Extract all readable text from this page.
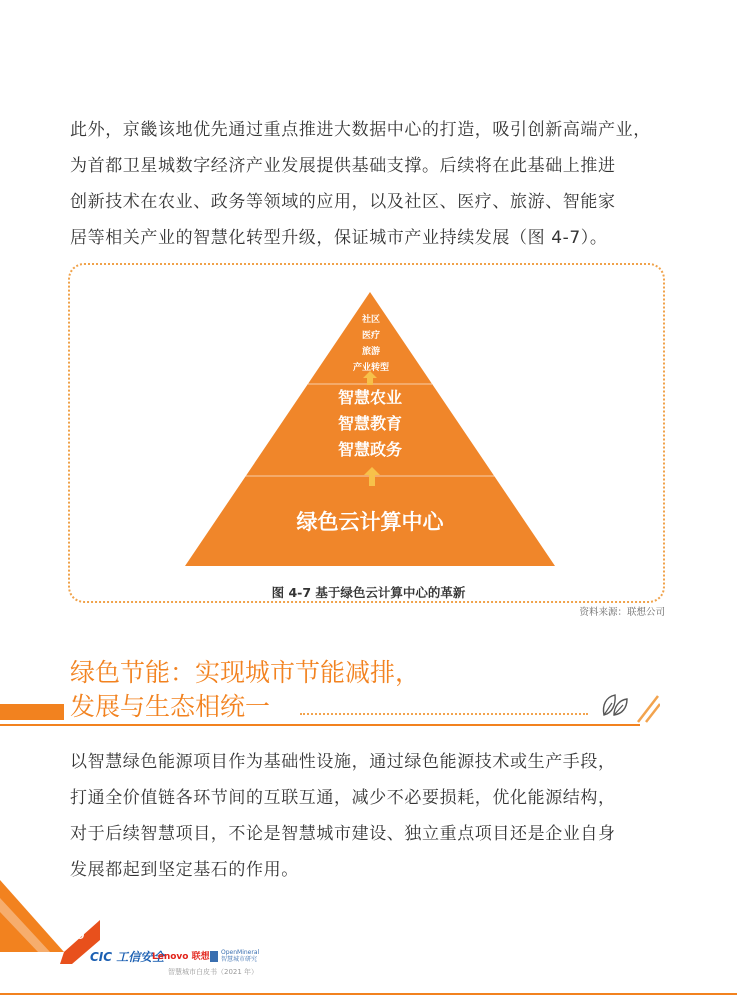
此外，京畿该地优先通过重点推进大数据中心的打造，吸引创新高端产业，
为首都卫星城数字经济产业发展提供基础支撑。后续将在此基础上推进
创新技术在农业、政务等领域的应用，以及社区、医疗、旅游、智能家
居等相关产业的智慧化转型升级，保证城市产业持续发展（图 4-7）。

社区
医疗
旅游
产业转型
智慧农业
智慧教育
智慧政务
绿色云计算中心
图 4-7 基于绿色云计算中心的革新
资料来源：联想公司
绿色节能：实现城市节能减排，
发展与生态相统一

以智慧绿色能源项目作为基础性设施，通过绿色能源技术或生产手段，
打通全价值链各环节间的互联互通，减少不必要损耗，优化能源结构，
对于后续智慧项目，不论是智慧城市建设、独立重点项目还是企业自身
发展都起到坚定基石的作用。

40
CIC 工信安全
Lenovo 联想 OpenMineral
智慧城市研究
智慧城市白皮书（2021 年）
